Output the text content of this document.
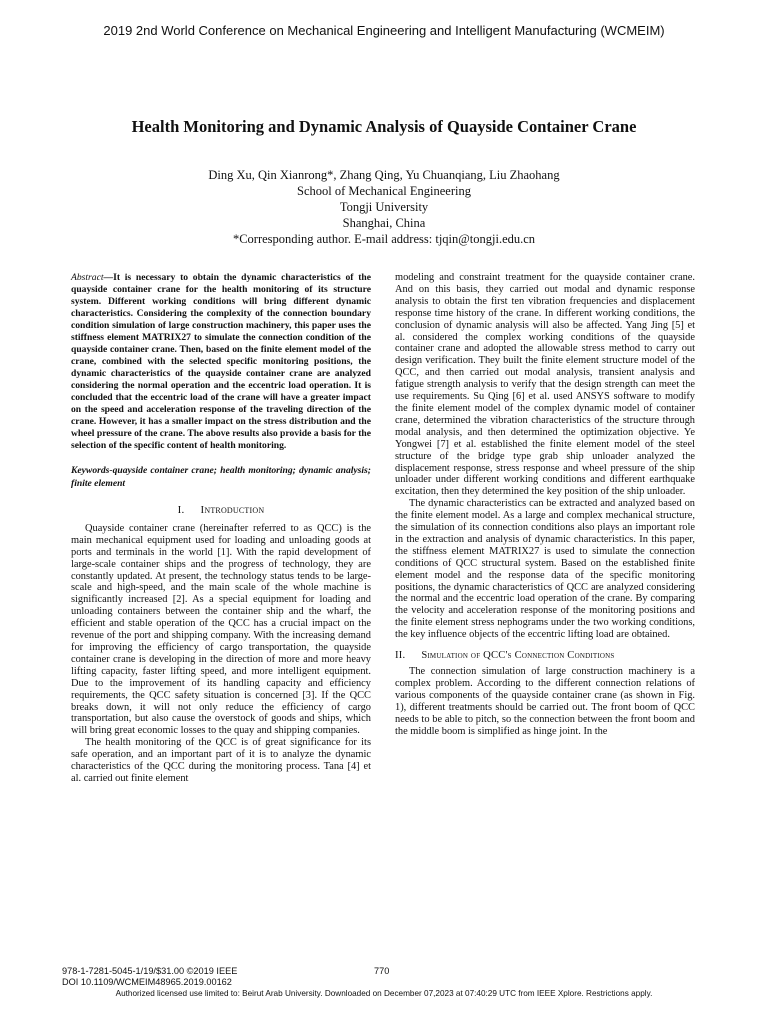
2019 2nd World Conference on Mechanical Engineering and Intelligent Manufacturing (WCMEIM)
Health Monitoring and Dynamic Analysis of Quayside Container Crane
Ding Xu, Qin Xianrong*, Zhang Qing, Yu Chuanqiang, Liu Zhaohang
School of Mechanical Engineering
Tongji University
Shanghai, China
*Corresponding author. E-mail address: tjqin@tongji.edu.cn

Abstract—It is necessary to obtain the dynamic characteristics of the quayside container crane for the health monitoring of its structure system. Different working conditions will bring different dynamic characteristics. Considering the complexity of the connection boundary condition simulation of large construction machinery, this paper uses the stiffness element MATRIX27 to simulate the connection condition of the quayside container crane. Then, based on the finite element model of the crane, combined with the selected specific monitoring positions, the dynamic characteristics of the quayside container crane are analyzed considering the normal operation and the eccentric load operation. It is concluded that the eccentric load of the crane will have a greater impact on the speed and acceleration response of the traveling direction of the crane. However, it has a smaller impact on the stress distribution and the wheel pressure of the crane. The above results also provide a basis for the selection of the specific content of health monitoring.

Keywords-quayside container crane; health monitoring; dynamic analysis; finite element

I. Introduction

Quayside container crane (hereinafter referred to as QCC) is the main mechanical equipment used for loading and unloading goods at ports and terminals in the world [1]. With the rapid development of large-scale container ships and the progress of technology, they are constantly updated. At present, the technology status tends to be large-scale and high-speed, and the main scale of the whole machine is significantly increased [2]. As a special equipment for loading and unloading containers between the container ship and the wharf, the efficient and stable operation of the QCC has a crucial impact on the revenue of the port and shipping company. With the increasing demand for improving the efficiency of cargo transportation, the quayside container crane is developing in the direction of more and more heavy lifting capacity, faster lifting speed, and more intelligent equipment. Due to the improvement of its handling capacity and efficiency requirements, the QCC safety situation is concerned [3]. If the QCC breaks down, it will not only reduce the efficiency of cargo transportation, but also cause the overstock of goods and ships, which will bring great economic losses to the quay and shipping companies.

The health monitoring of the QCC is of great significance for its safe operation, and an important part of it is to analyze the dynamic characteristics of the QCC during the monitoring process. Tana [4] et al. carried out finite element

modeling and constraint treatment for the quayside container crane. And on this basis, they carried out modal and dynamic response analysis to obtain the first ten vibration frequencies and displacement response time history of the crane. In different working conditions, the conclusion of dynamic analysis will also be affected. Yang Jing [5] et al. considered the complex working conditions of the quayside container crane and adopted the allowable stress method to carry out design verification. They built the finite element structure model of the QCC, and then carried out modal analysis, transient analysis and fatigue strength analysis to verify that the design strength can meet the use requirements. Su Qing [6] et al. used ANSYS software to modify the finite element model of the complex dynamic model of container crane, determined the vibration characteristics of the structure through modal analysis, and then determined the optimization objective. Ye Yongwei [7] et al. established the finite element model of the steel structure of the bridge type grab ship unloader analyzed the displacement response, stress response and wheel pressure of the ship unloader under different working conditions and different earthquake excitation, then they determined the key position of the ship unloader.

The dynamic characteristics can be extracted and analyzed based on the finite element model. As a large and complex mechanical structure, the simulation of its connection conditions also plays an important role in the extraction and analysis of dynamic characteristics. In this paper, the stiffness element MATRIX27 is used to simulate the connection conditions of QCC structural system. Based on the established finite element model and the response data of the specific monitoring positions, the dynamic characteristics of QCC are analyzed considering the normal and the eccentric load operation of the crane. By comparing the velocity and acceleration response of the monitoring positions and the finite element stress nephograms under the two working conditions, the key influence objects of the eccentric lifting load are obtained.

II. Simulation of QCC's Connection Conditions

The connection simulation of large construction machinery is a complex problem. According to the different connection relations of various components of the quayside container crane (as shown in Fig. 1), different treatments should be carried out. The front boom of QCC needs to be able to pitch, so the connection between the front boom and the middle boom is simplified as hinge joint. In the

978-1-7281-5045-1/19/$31.00 ©2019 IEEE
DOI 10.1109/WCMEIM48965.2019.00162
770
Authorized licensed use limited to: Beirut Arab University. Downloaded on December 07,2023 at 07:40:29 UTC from IEEE Xplore. Restrictions apply.
